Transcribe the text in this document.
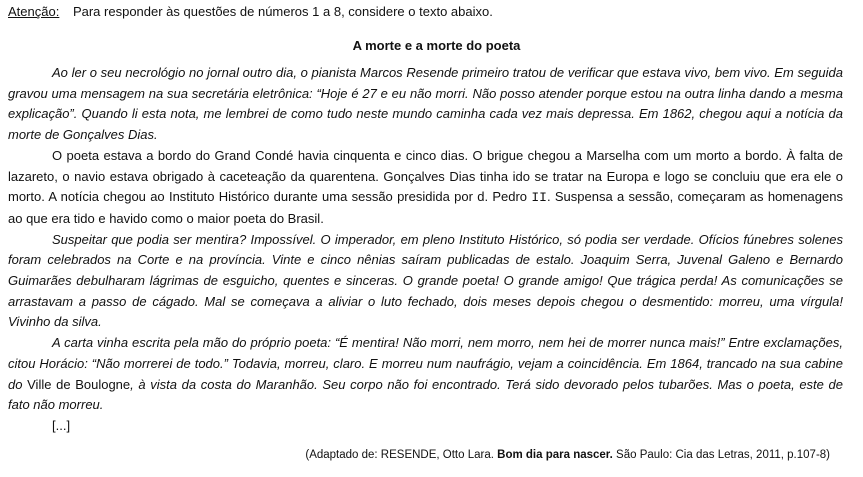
Atenção: Para responder às questões de números 1 a 8, considere o texto abaixo.
A morte e a morte do poeta

Ao ler o seu necrológio no jornal outro dia, o pianista Marcos Resende primeiro tratou de verificar que estava vivo, bem vivo. Em seguida gravou uma mensagem na sua secretária eletrônica: “Hoje é 27 e eu não morri. Não posso atender porque estou na outra linha dando a mesma explicação”. Quando li esta nota, me lembrei de como tudo neste mundo caminha cada vez mais depressa. Em 1862, chegou aqui a notícia da morte de Gonçalves Dias.

O poeta estava a bordo do Grand Condé havia cinquenta e cinco dias. O brigue chegou a Marselha com um morto a bordo. À falta de lazareto, o navio estava obrigado à caceteação da quarentena. Gonçalves Dias tinha ido se tratar na Europa e logo se concluiu que era ele o morto. A notícia chegou ao Instituto Histórico durante uma sessão presidida por d. Pedro II. Suspensa a sessão, começaram as homenagens ao que era tido e havido como o maior poeta do Brasil.

Suspeitar que podia ser mentira? Impossível. O imperador, em pleno Instituto Histórico, só podia ser verdade. Ofícios fúnebres solenes foram celebrados na Corte e na província. Vinte e cinco nênias saíram publicadas de estalo. Joaquim Serra, Juvenal Galeno e Bernardo Guimarães debulharam lágrimas de esguicho, quentes e sinceras. O grande poeta! O grande amigo! Que trágica perda! As comunicações se arrastavam a passo de cágado. Mal se começava a aliviar o luto fechado, dois meses depois chegou o desmentido: morreu, uma vírgula! Vivinho da silva.

A carta vinha escrita pela mão do próprio poeta: “É mentira! Não morri, nem morro, nem hei de morrer nunca mais!” Entre exclamações, citou Horácio: “Não morrerei de todo.” Todavia, morreu, claro. E morreu num naufrágio, vejam a coincidência. Em 1864, trancado na sua cabine do Ville de Boulogne, à vista da costa do Maranhão. Seu corpo não foi encontrado. Terá sido devorado pelos tubarões. Mas o poeta, este de fato não morreu.

[...]
(Adaptado de: RESENDE, Otto Lara. Bom dia para nascer. São Paulo: Cia das Letras, 2011, p.107-8)
